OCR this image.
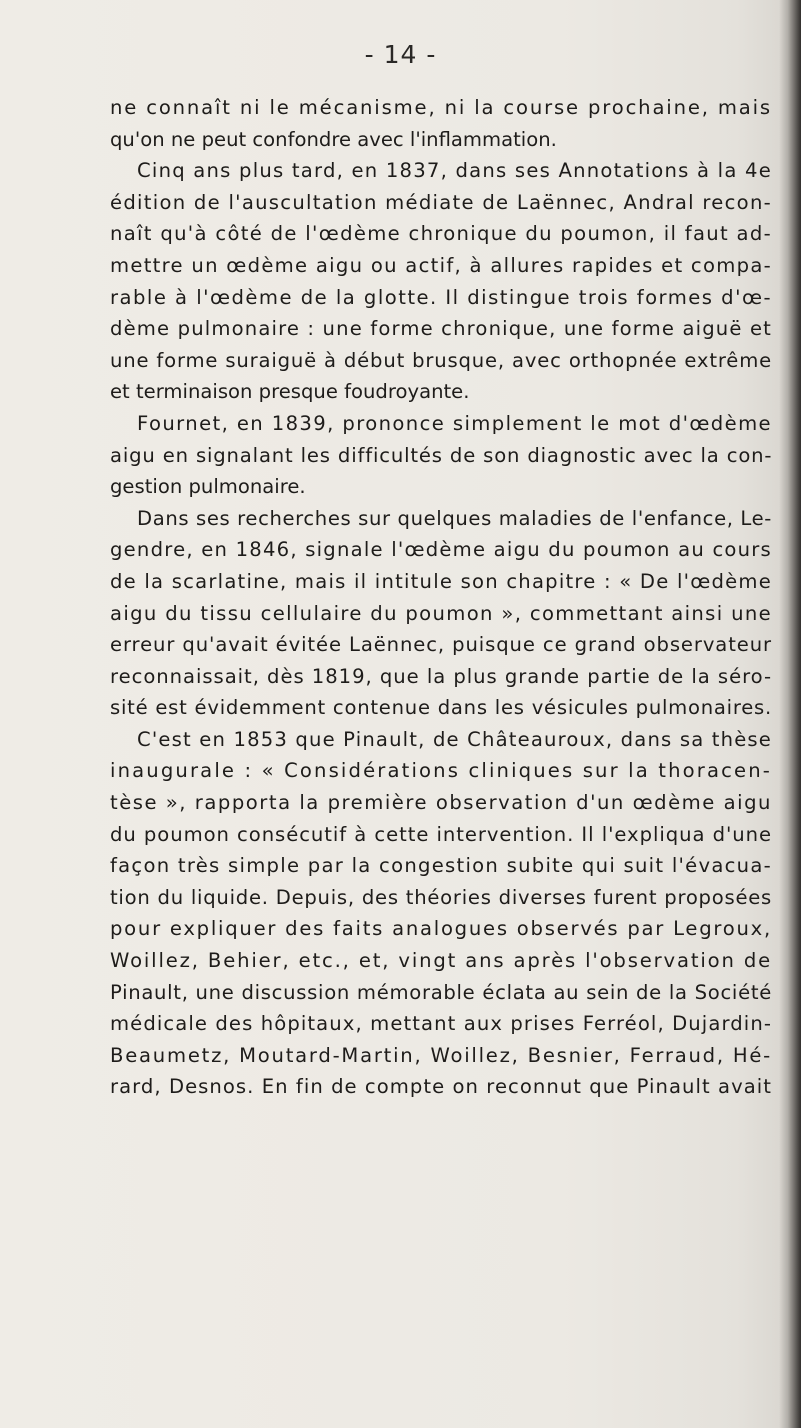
- 14 -
ne connaît ni le mécanisme, ni la course prochaine, mais
qu'on ne peut confondre avec l'inflammation.
Cinq ans plus tard, en 1837, dans ses Annotations à la 4e
édition de l'auscultation médiate de Laënnec, Andral recon-
naît qu'à côté de l'œdème chronique du poumon, il faut ad-
mettre un œdème aigu ou actif, à allures rapides et compa-
rable à l'œdème de la glotte. Il distingue trois formes d'œ-
dème pulmonaire : une forme chronique, une forme aiguë et
une forme suraiguë à début brusque, avec orthopnée extrême
et terminaison presque foudroyante.
Fournet, en 1839, prononce simplement le mot d'œdème
aigu en signalant les difficultés de son diagnostic avec la con-
gestion pulmonaire.
Dans ses recherches sur quelques maladies de l'enfance, Le-
gendre, en 1846, signale l'œdème aigu du poumon au cours
de la scarlatine, mais il intitule son chapitre : « De l'œdème
aigu du tissu cellulaire du poumon », commettant ainsi une
erreur qu'avait évitée Laënnec, puisque ce grand observateur
reconnaissait, dès 1819, que la plus grande partie de la séro-
sité est évidemment contenue dans les vésicules pulmonaires.
C'est en 1853 que Pinault, de Châteauroux, dans sa thèse
inaugurale : « Considérations cliniques sur la thoracen-
tèse », rapporta la première observation d'un œdème aigu
du poumon consécutif à cette intervention. Il l'expliqua d'une
façon très simple par la congestion subite qui suit l'évacua-
tion du liquide. Depuis, des théories diverses furent proposées
pour expliquer des faits analogues observés par Legroux,
Woillez, Behier, etc., et, vingt ans après l'observation de
Pinault, une discussion mémorable éclata au sein de la Société
médicale des hôpitaux, mettant aux prises Ferréol, Dujardin-
Beaumetz, Moutard-Martin, Woillez, Besnier, Ferraud, Hé-
rard, Desnos. En fin de compte on reconnut que Pinault avait
